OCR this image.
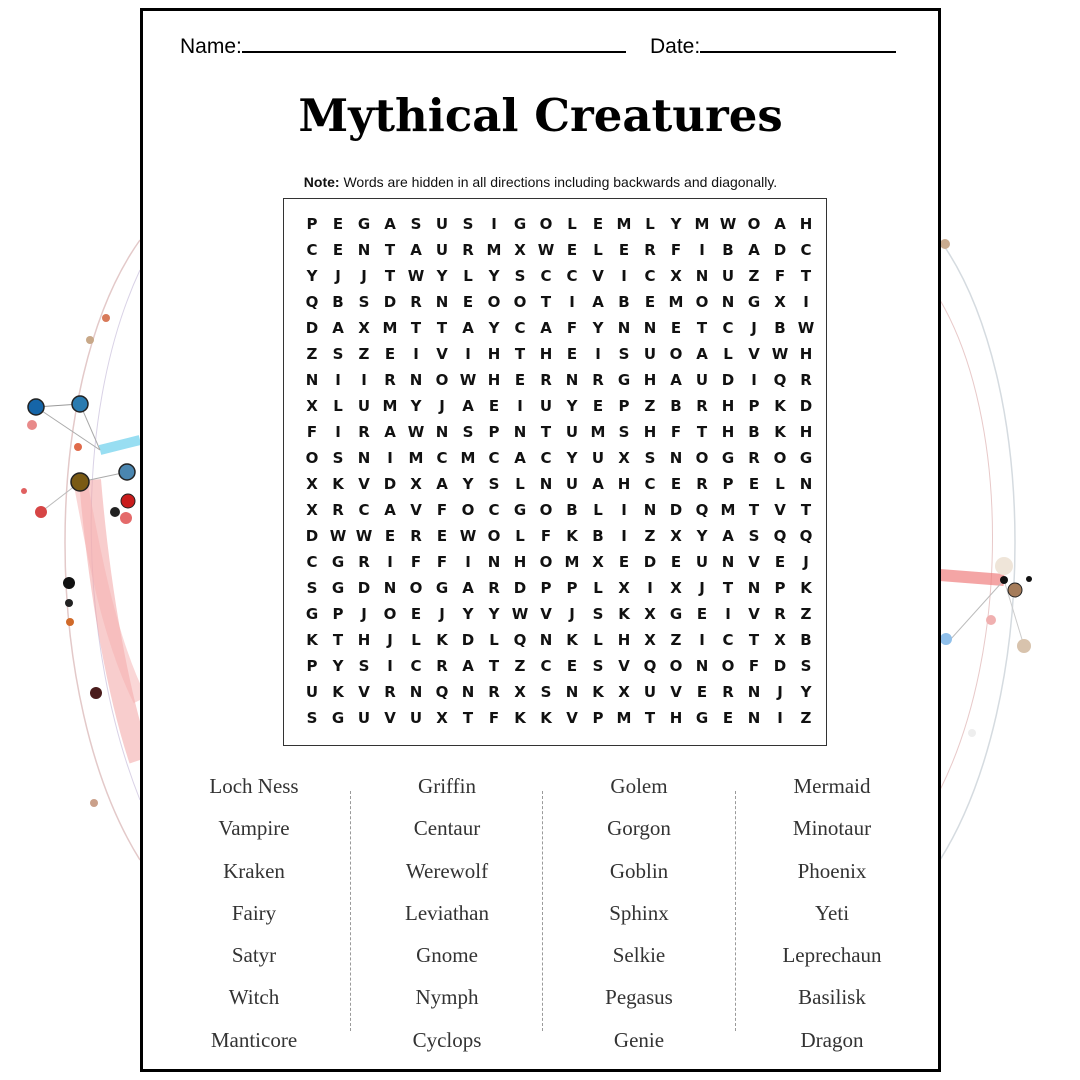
Name:	Date:
Mythical Creatures
Note: Words are hidden in all directions including backwards and diagonally.
P	E G A S U S	I	G O L	E M L	Y M W O A H
C	E N T	A U R M X W E	L	E	R	F	I	B A D C
Y	J	J	T W Y	L	Y	S	C C V	I	C X N U Z	F	T
Q B S D R N E O O T	I	A B	E M O N G X	I
D A X M T	T	A Y	C A	F	Y N N E	T	C	J	B W
Z	S	Z	E	I	V	I	H T H E	I	S U O A	L	V W H
N	I	I	R N O W H E	R N R G H A U D	I	Q R
X	L	U M Y	J	A	E	I	U Y	E	P	Z B R H P K D
F	I	R A W N S	P N T U M S H F	T H B K H
O S N	I	M C M C A C	Y U X S N O G R O G
X K V D X A Y	S	L N U A H C	E	R P	E	L N
X R C A V	F O C G O B	L	I	N D Q M T	V	T
D W W E	R	E W O L	F	K B	I	Z X Y A S Q Q
C G R	I	F	F	I	N H O M X	E D E U N V	E	J
S G D N O G A R D P	P	L	X	I	X	J	T N P K
G P	J	O E	J	Y	Y W V	J	S K X G E	I	V R Z
K	T H	J	L	K D	L Q N K	L H X Z	I	C	T	X B
P	Y	S	I	C R A	T	Z	C	E	S V Q O N O F D S
U K V R N Q N R X S N K X U V	E	R N	J	Y
S G U V U X	T	F	K K V P M T H G E N	I	Z
Loch Ness
Vampire
Kraken
Fairy
Satyr
Witch
Manticore
Griffin
Centaur
Werewolf
Leviathan
Gnome
Nymph
Cyclops
Golem
Gorgon
Goblin
Sphinx
Selkie
Pegasus
Genie
Mermaid
Minotaur
Phoenix
Yeti
Leprechaun
Basilisk
Dragon
